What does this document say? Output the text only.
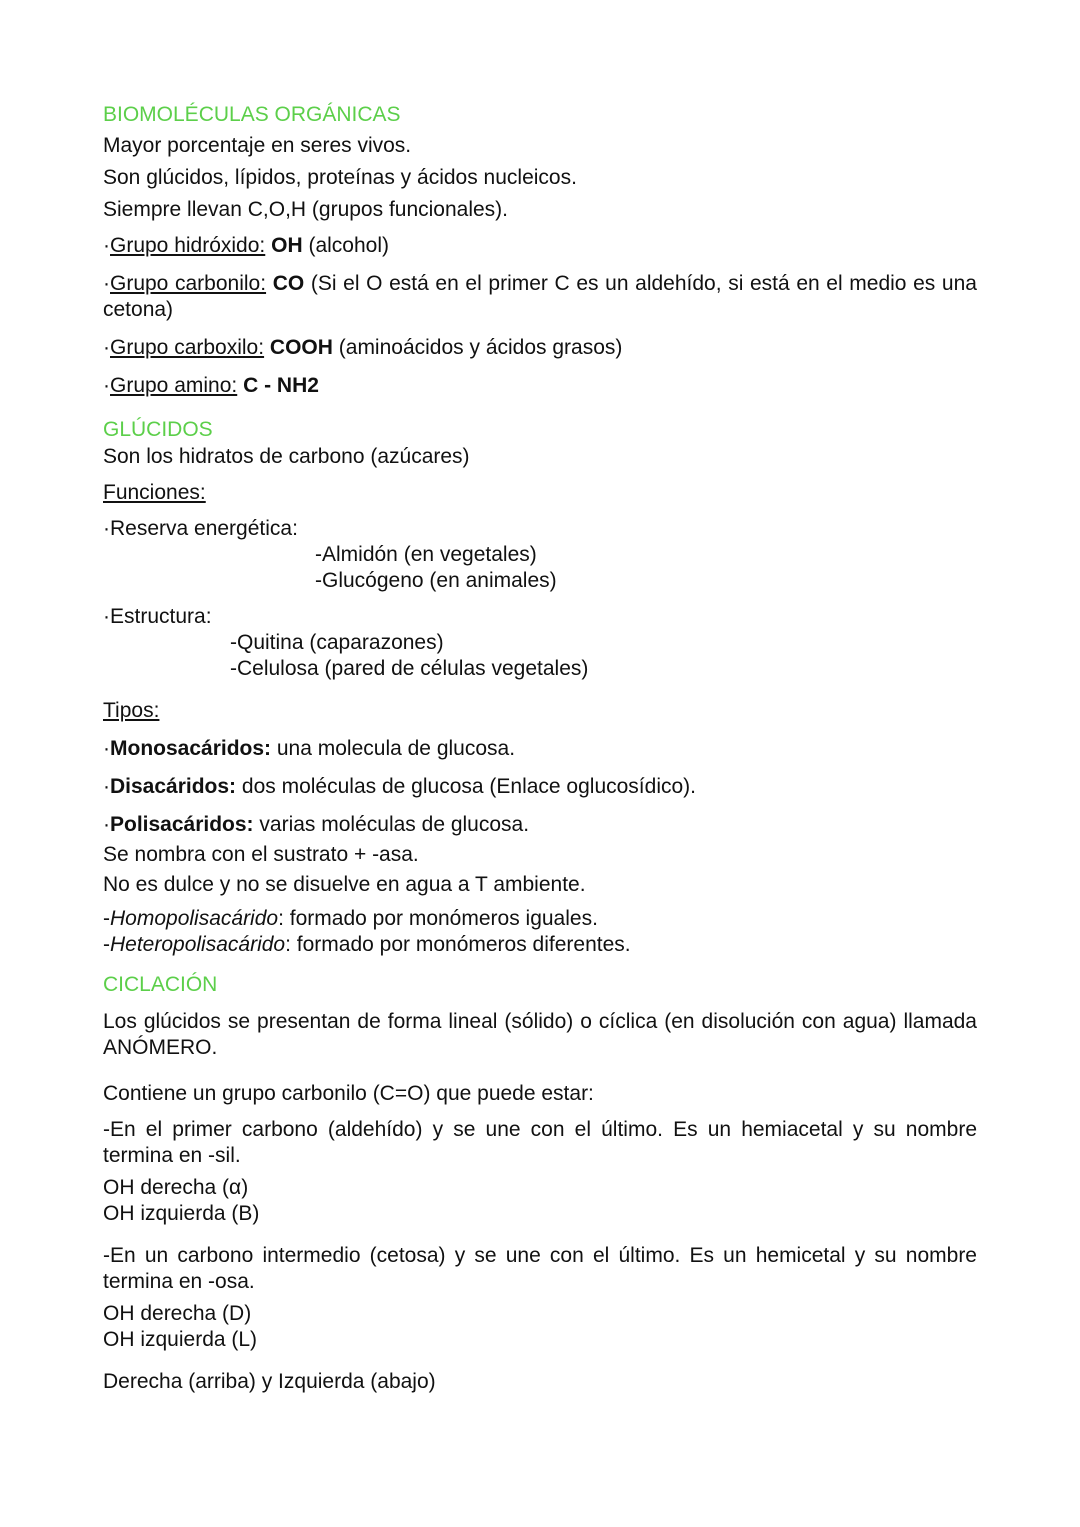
BIOMOLÉCULAS ORGÁNICAS
Mayor porcentaje en seres vivos.
Son glúcidos, lípidos, proteínas y ácidos nucleicos.
Siempre llevan C,O,H (grupos funcionales).
·Grupo hidróxido: OH (alcohol)
·Grupo carbonilo: CO (Si el O está en el primer C es un aldehído, si está en el medio es una cetona)
·Grupo carboxilo: COOH (aminoácidos y ácidos grasos)
·Grupo amino: C - NH2
GLÚCIDOS
Son los hidratos de carbono (azúcares)
Funciones:
·Reserva energética:
-Almidón (en vegetales)
-Glucógeno (en animales)
·Estructura:
-Quitina (caparazones)
-Celulosa (pared de células vegetales)
Tipos:
·Monosacáridos: una molecula de glucosa.
·Disacáridos: dos moléculas de glucosa (Enlace oglucosídico).
·Polisacáridos: varias moléculas de glucosa.
Se nombra con el sustrato + -asa.
No es dulce y no se disuelve en agua a T ambiente.
-Homopolisacárido: formado por monómeros iguales.
-Heteropolisacárido: formado por monómeros diferentes.
CICLACIÓN
Los glúcidos se presentan de forma lineal (sólido) o cíclica (en disolución con agua) llamada ANÓMERO.
Contiene un grupo carbonilo (C=O) que puede estar:
-En el primer carbono (aldehído) y se une con el último. Es un hemiacetal y su nombre termina en -sil.
OH derecha (α)
OH izquierda (B)
-En un carbono intermedio (cetosa) y se une con el último. Es un hemicetal y su nombre termina en -osa.
OH derecha (D)
OH izquierda (L)
Derecha (arriba) y Izquierda (abajo)
